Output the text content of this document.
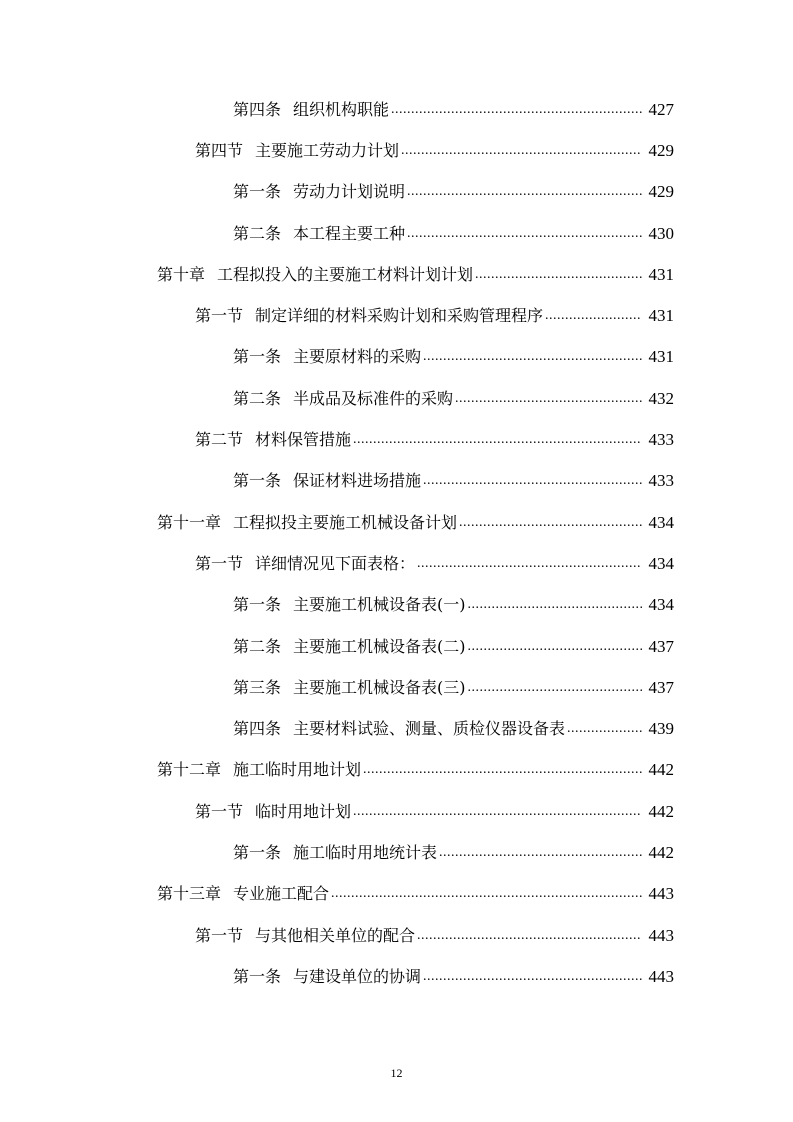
第四条 组织机构职能 .....	427
第四节 主要施工劳动力计划 .....	429
第一条 劳动力计划说明 .....	429
第二条 本工程主要工种 .....	430
第十章 工程拟投入的主要施工材料计划计划 .....	431
第一节 制定详细的材料采购计划和采购管理程序 .....	431
第一条 主要原材料的采购 .....	431
第二条 半成品及标准件的采购 .....	432
第二节 材料保管措施 .....	433
第一条 保证材料进场措施 .....	433
第十一章 工程拟投主要施工机械设备计划 .....	434
第一节 详细情况见下面表格： .....	434
第一条 主要施工机械设备表(一) .....	434
第二条 主要施工机械设备表(二) .....	437
第三条 主要施工机械设备表(三) .....	437
第四条 主要材料试验、测量、质检仪器设备表 .....	439
第十二章 施工临时用地计划 .....	442
第一节 临时用地计划 .....	442
第一条 施工临时用地统计表 .....	442
第十三章 专业施工配合 .....	443
第一节 与其他相关单位的配合 .....	443
第一条 与建设单位的协调 .....	443
12
